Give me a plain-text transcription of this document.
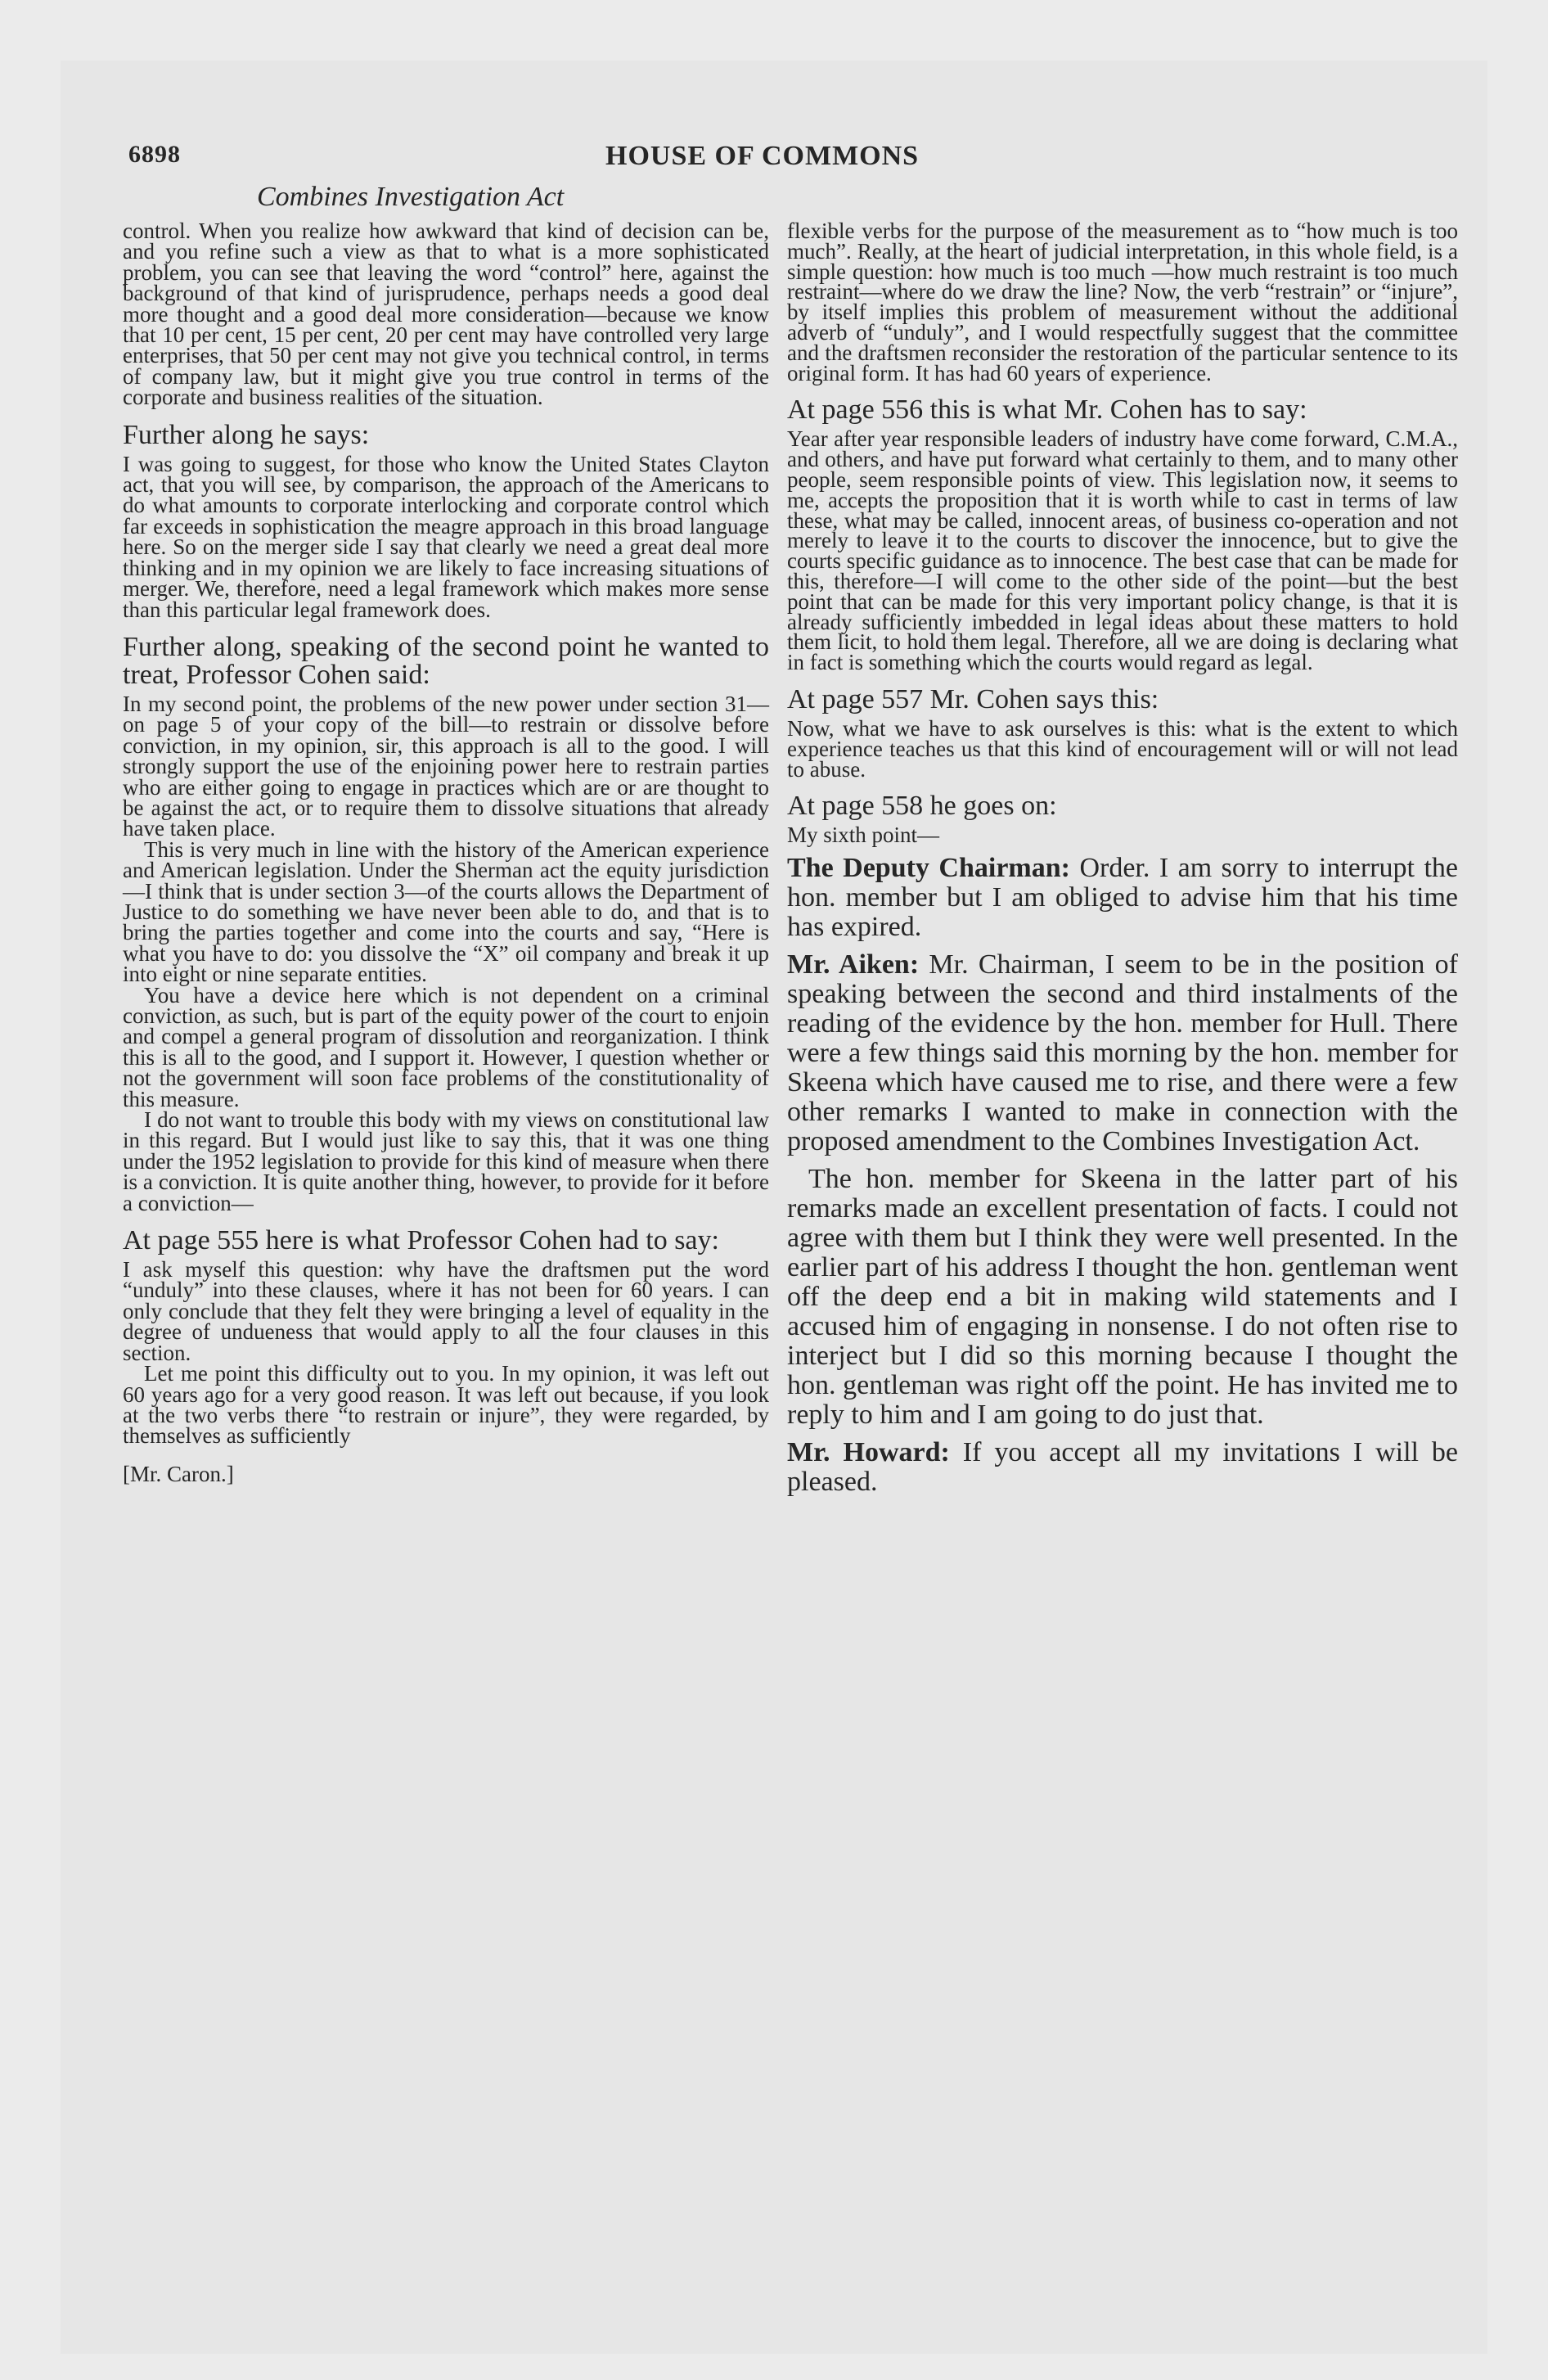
6898	HOUSE OF COMMONS
Combines Investigation Act

control. When you realize how awkward that kind of decision can be, and you refine such a view as that to what is a more sophisticated problem, you can see that leaving the word “control” here, against the background of that kind of jurisprudence, perhaps needs a good deal more thought and a good deal more consideration—because we know that 10 per cent, 15 per cent, 20 per cent may have controlled very large enterprises, that 50 per cent may not give you technical control, in terms of company law, but it might give you true control in terms of the corporate and business realities of the situation.

Further along he says:

I was going to suggest, for those who know the United States Clayton act, that you will see, by comparison, the approach of the Americans to do what amounts to corporate interlocking and corporate control which far exceeds in sophistication the meagre approach in this broad language here. So on the merger side I say that clearly we need a great deal more thinking and in my opinion we are likely to face increasing situations of merger. We, therefore, need a legal framework which makes more sense than this particular legal framework does.

Further along, speaking of the second point he wanted to treat, Professor Cohen said:

In my second point, the problems of the new power under section 31—on page 5 of your copy of the bill—to restrain or dissolve before conviction, in my opinion, sir, this approach is all to the good. I will strongly support the use of the enjoining power here to restrain parties who are either going to engage in practices which are or are thought to be against the act, or to require them to dissolve situations that already have taken place.

This is very much in line with the history of the American experience and American legislation. Under the Sherman act the equity jurisdiction—I think that is under section 3—of the courts allows the Department of Justice to do something we have never been able to do, and that is to bring the parties together and come into the courts and say, “Here is what you have to do: you dissolve the “X” oil company and break it up into eight or nine separate entities.

You have a device here which is not dependent on a criminal conviction, as such, but is part of the equity power of the court to enjoin and compel a general program of dissolution and reorganization. I think this is all to the good, and I support it. However, I question whether or not the government will soon face problems of the constitutionality of this measure.

I do not want to trouble this body with my views on constitutional law in this regard. But I would just like to say this, that it was one thing under the 1952 legislation to provide for this kind of measure when there is a conviction. It is quite another thing, however, to provide for it before a conviction—

At page 555 here is what Professor Cohen had to say:

I ask myself this question: why have the draftsmen put the word “unduly” into these clauses, where it has not been for 60 years. I can only conclude that they felt they were bringing a level of equality in the degree of undueness that would apply to all the four clauses in this section.

Let me point this difficulty out to you. In my opinion, it was left out 60 years ago for a very good reason. It was left out because, if you look at the two verbs there “to restrain or injure”, they were regarded, by themselves as sufficiently

[Mr. Caron.]

flexible verbs for the purpose of the measurement as to “how much is too much”. Really, at the heart of judicial interpretation, in this whole field, is a simple question: how much is too much —how much restraint is too much restraint—where do we draw the line? Now, the verb “restrain” or “injure”, by itself implies this problem of measurement without the additional adverb of “unduly”, and I would respectfully suggest that the committee and the draftsmen reconsider the restoration of the particular sentence to its original form. It has had 60 years of experience.

At page 556 this is what Mr. Cohen has to say:

Year after year responsible leaders of industry have come forward, C.M.A., and others, and have put forward what certainly to them, and to many other people, seem responsible points of view. This legislation now, it seems to me, accepts the proposition that it is worth while to cast in terms of law these, what may be called, innocent areas, of business co-operation and not merely to leave it to the courts to discover the innocence, but to give the courts specific guidance as to innocence. The best case that can be made for this, therefore—I will come to the other side of the point—but the best point that can be made for this very important policy change, is that it is already sufficiently imbedded in legal ideas about these matters to hold them licit, to hold them legal. Therefore, all we are doing is declaring what in fact is something which the courts would regard as legal.

At page 557 Mr. Cohen says this:

Now, what we have to ask ourselves is this: what is the extent to which experience teaches us that this kind of encouragement will or will not lead to abuse.

At page 558 he goes on:

My sixth point—

The Deputy Chairman: Order. I am sorry to interrupt the hon. member but I am obliged to advise him that his time has expired.

Mr. Aiken: Mr. Chairman, I seem to be in the position of speaking between the second and third instalments of the reading of the evidence by the hon. member for Hull. There were a few things said this morning by the hon. member for Skeena which have caused me to rise, and there were a few other remarks I wanted to make in connection with the proposed amendment to the Combines Investigation Act.

The hon. member for Skeena in the latter part of his remarks made an excellent presentation of facts. I could not agree with them but I think they were well presented. In the earlier part of his address I thought the hon. gentleman went off the deep end a bit in making wild statements and I accused him of engaging in nonsense. I do not often rise to interject but I did so this morning because I thought the hon. gentleman was right off the point. He has invited me to reply to him and I am going to do just that.

Mr. Howard: If you accept all my invitations I will be pleased.
